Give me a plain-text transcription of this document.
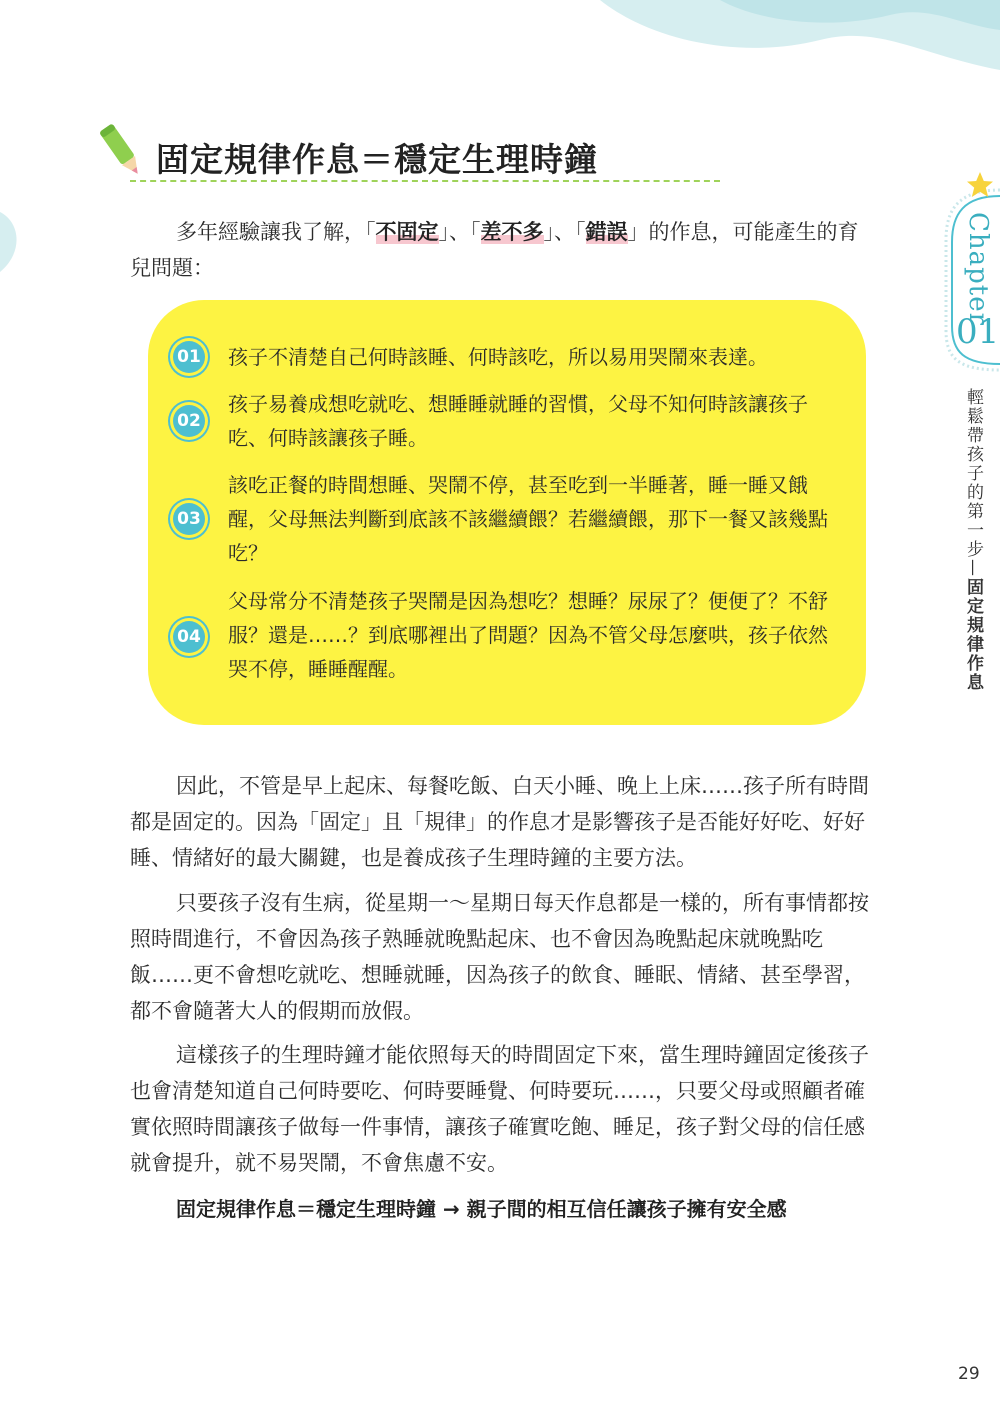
固定規律作息＝穩定生理時鐘

多年經驗讓我了解，「不固定」、「差不多」、「錯誤」的作息，可能產生的育兒問題：

01 孩子不清楚自己何時該睡、何時該吃，所以易用哭鬧來表達。

02

孩子易養成想吃就吃、想睡睡就睡的習慣，父母不知何時該讓孩子吃、何時該讓孩子睡。

03

該吃正餐的時間想睡、哭鬧不停，甚至吃到一半睡著，睡一睡又餓醒，父母無法判斷到底該不該繼續餵？若繼續餵，那下一餐又該幾點吃？

04

父母常分不清楚孩子哭鬧是因為想吃？想睡？尿尿了？便便了？不舒服？還是……？到底哪裡出了問題？因為不管父母怎麼哄，孩子依然哭不停，睡睡醒醒。

因此，不管是早上起床、每餐吃飯、白天小睡、晚上上床……孩子所有時間都是固定的。因為「固定」且「規律」的作息才是影響孩子是否能好好吃、好好睡、情緒好的最大關鍵，也是養成孩子生理時鐘的主要方法。

只要孩子沒有生病，從星期一～星期日每天作息都是一樣的，所有事情都按照時間進行，不會因為孩子熟睡就晚點起床、也不會因為晚點起床就晚點吃飯……更不會想吃就吃、想睡就睡，因為孩子的飲食、睡眠、情緒、甚至學習，都不會隨著大人的假期而放假。

這樣孩子的生理時鐘才能依照每天的時間固定下來，當生理時鐘固定後孩子也會清楚知道自己何時要吃、何時要睡覺、何時要玩……，只要父母或照顧者確實依照時間讓孩子做每一件事情，讓孩子確實吃飽、睡足，孩子對父母的信任感就會提升，就不易哭鬧，不會焦慮不安。

固定規律作息＝穩定生理時鐘 → 親子間的相互信任讓孩子擁有安全感

Chapter
01
輕鬆帶孩子的第一步—固定規律作息
29
